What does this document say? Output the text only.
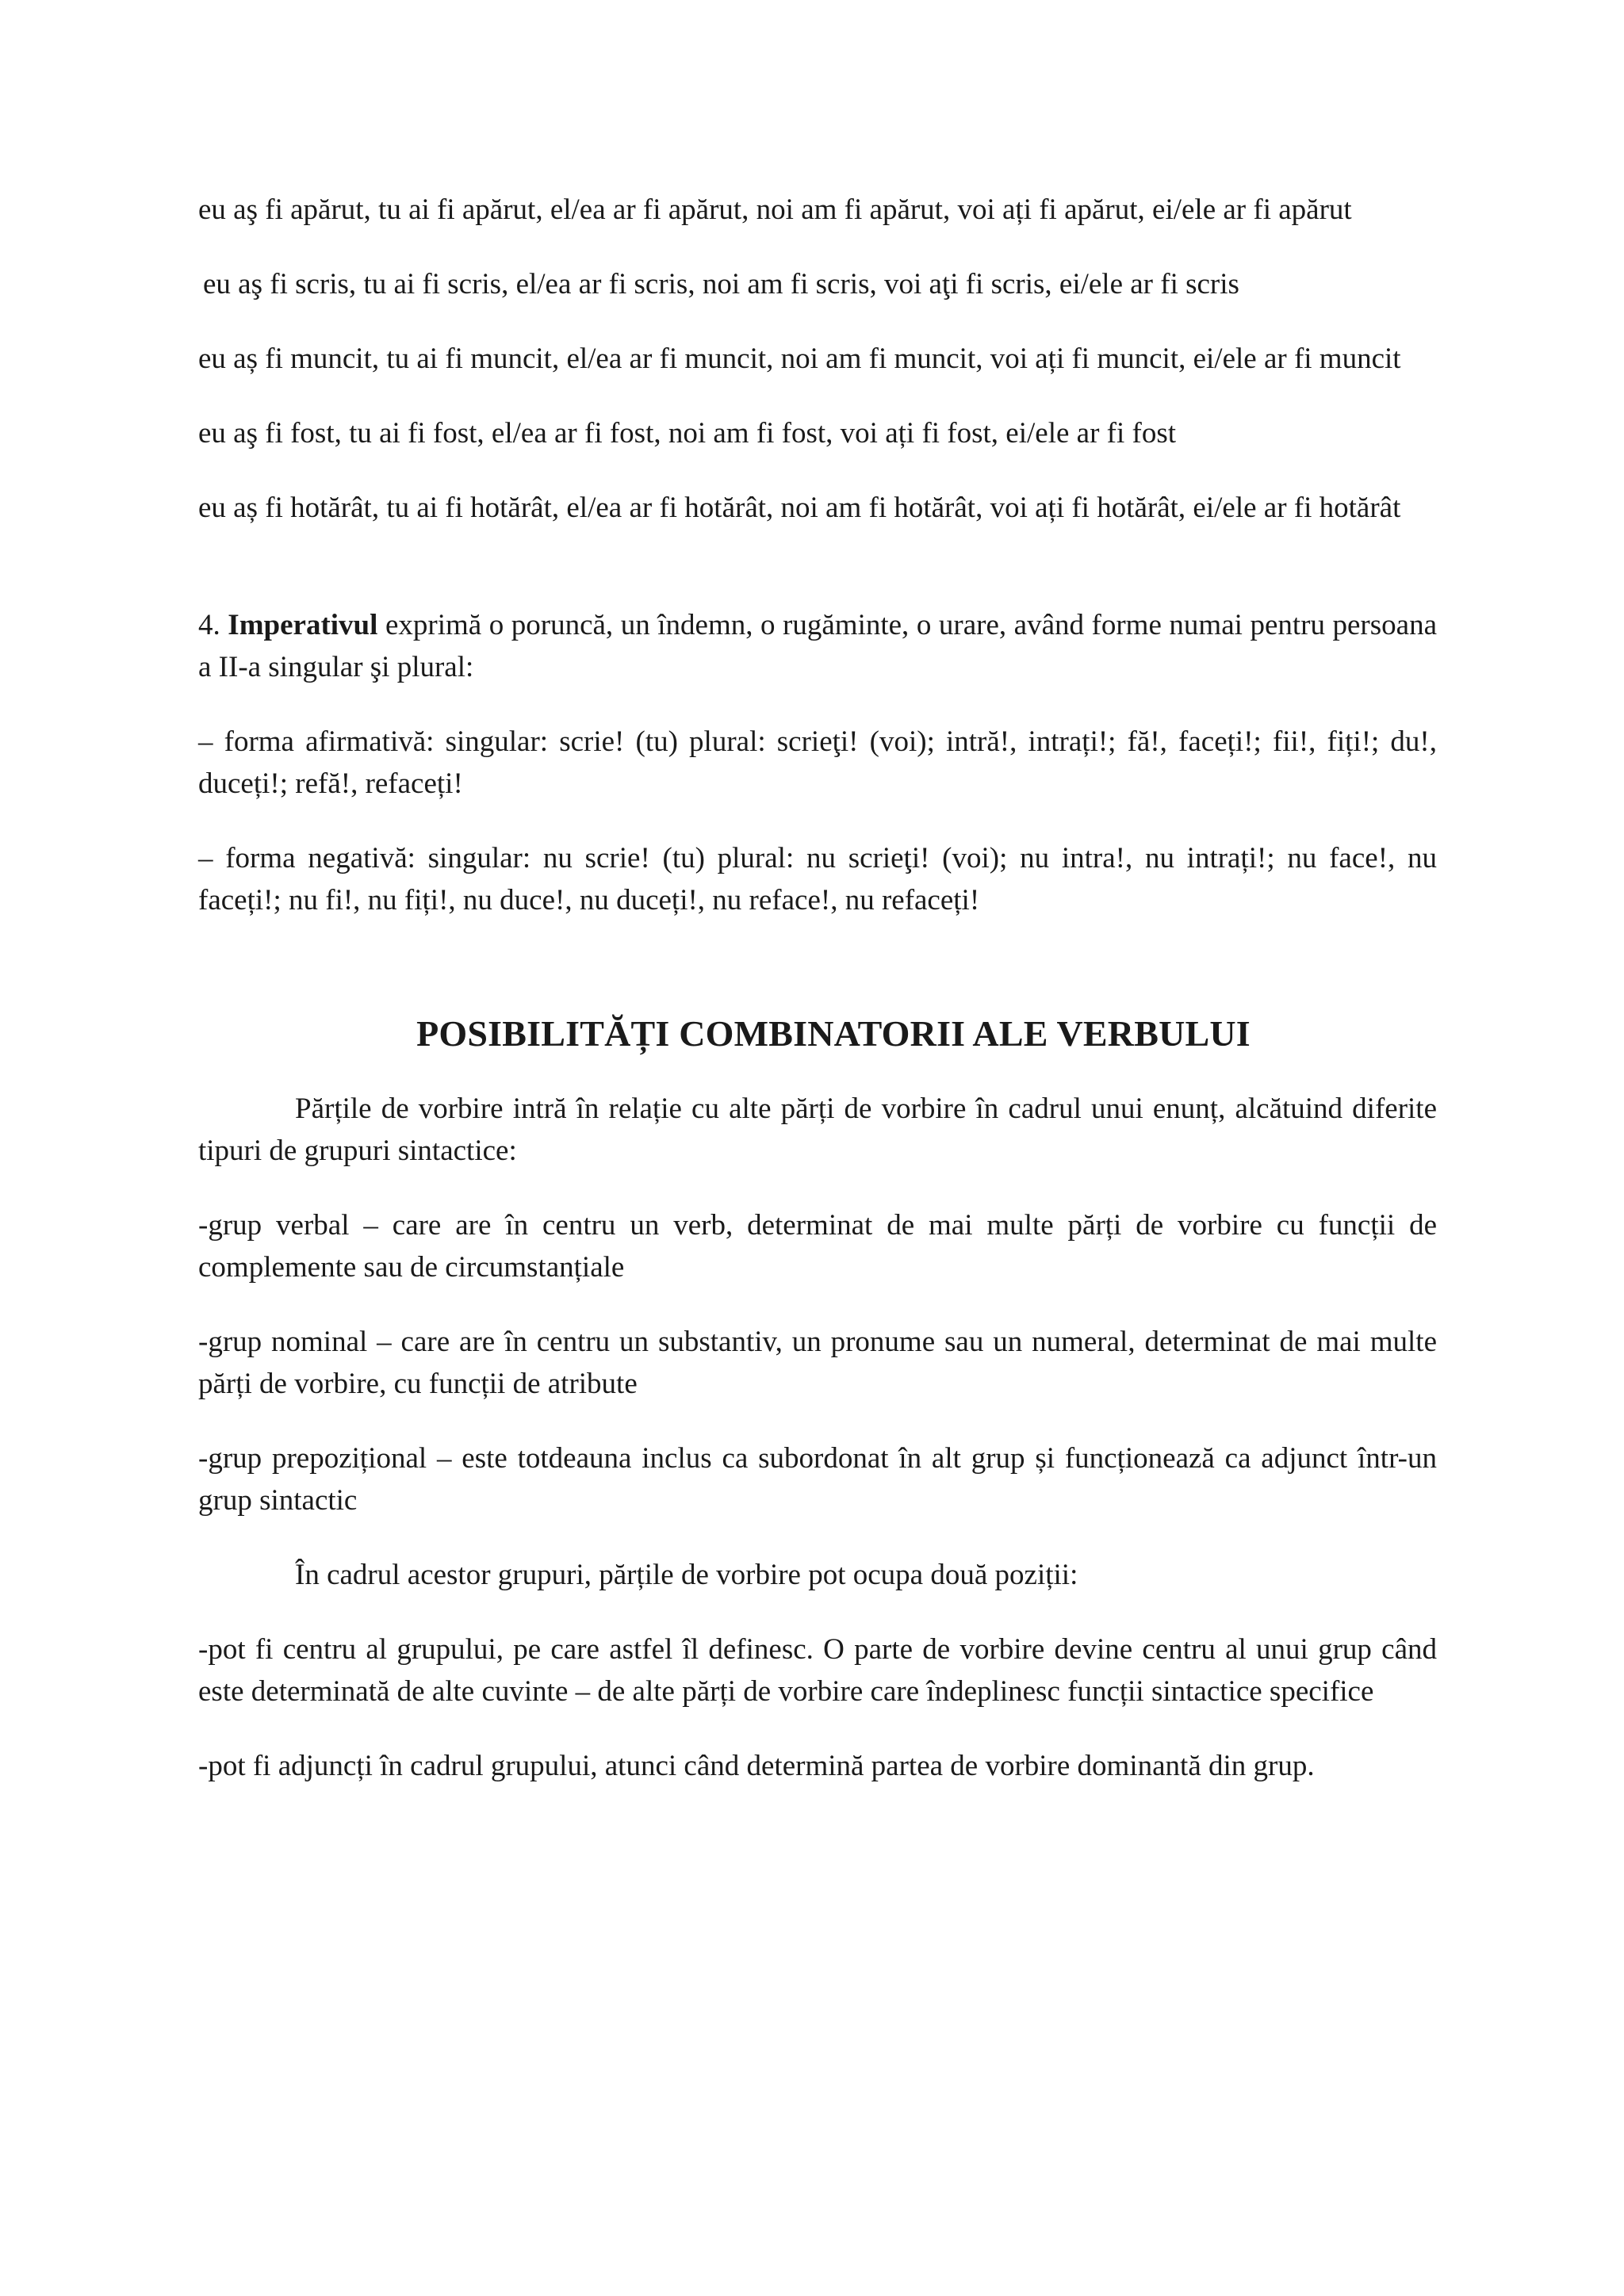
eu aş fi apărut, tu ai fi apărut, el/ea ar fi apărut, noi am fi apărut, voi ați fi apărut, ei/ele ar fi apărut

eu aş fi scris, tu ai fi scris, el/ea ar fi scris, noi am fi scris, voi aţi fi scris, ei/ele ar fi scris

eu aș fi muncit, tu ai fi muncit, el/ea ar fi muncit, noi am fi muncit, voi ați fi muncit, ei/ele ar fi muncit

eu aş fi fost, tu ai fi fost, el/ea ar fi fost, noi am fi fost, voi ați fi fost, ei/ele ar fi fost

eu aș fi hotărât, tu ai fi hotărât, el/ea ar fi hotărât, noi am fi hotărât, voi ați fi hotărât, ei/ele ar fi hotărât

4. Imperativul exprimă o poruncă, un îndemn, o rugăminte, o urare, având forme numai pentru persoana a II-a singular şi plural:

– forma afirmativă: singular: scrie! (tu) plural: scrieţi! (voi); intră!, intrați!; fă!, faceți!; fii!, fiți!; du!, duceți!; refă!, refaceți!

– forma negativă: singular: nu scrie! (tu) plural: nu scrieţi! (voi); nu intra!, nu intrați!; nu face!, nu faceți!; nu fi!, nu fiți!, nu duce!, nu duceți!, nu reface!, nu refaceți!

POSIBILITĂȚI COMBINATORII ALE VERBULUI

Părțile de vorbire intră în relație cu alte părți de vorbire în cadrul unui enunț, alcătuind diferite tipuri de grupuri sintactice:

-grup verbal – care are în centru un verb, determinat de mai multe părți de vorbire cu funcții de complemente sau de circumstanțiale

-grup nominal – care are în centru un substantiv, un pronume sau un numeral, determinat de mai multe părți de vorbire, cu funcții de atribute

-grup prepozițional – este totdeauna inclus ca subordonat în alt grup și funcționează ca adjunct într-un grup sintactic

În cadrul acestor grupuri, părțile de vorbire pot ocupa două poziții:

-pot fi centru al grupului, pe care astfel îl definesc. O parte de vorbire devine centru al unui grup când este determinată de alte cuvinte – de alte părți de vorbire care îndeplinesc funcții sintactice specifice

-pot fi adjuncți în cadrul grupului, atunci când determină partea de vorbire dominantă din grup.
